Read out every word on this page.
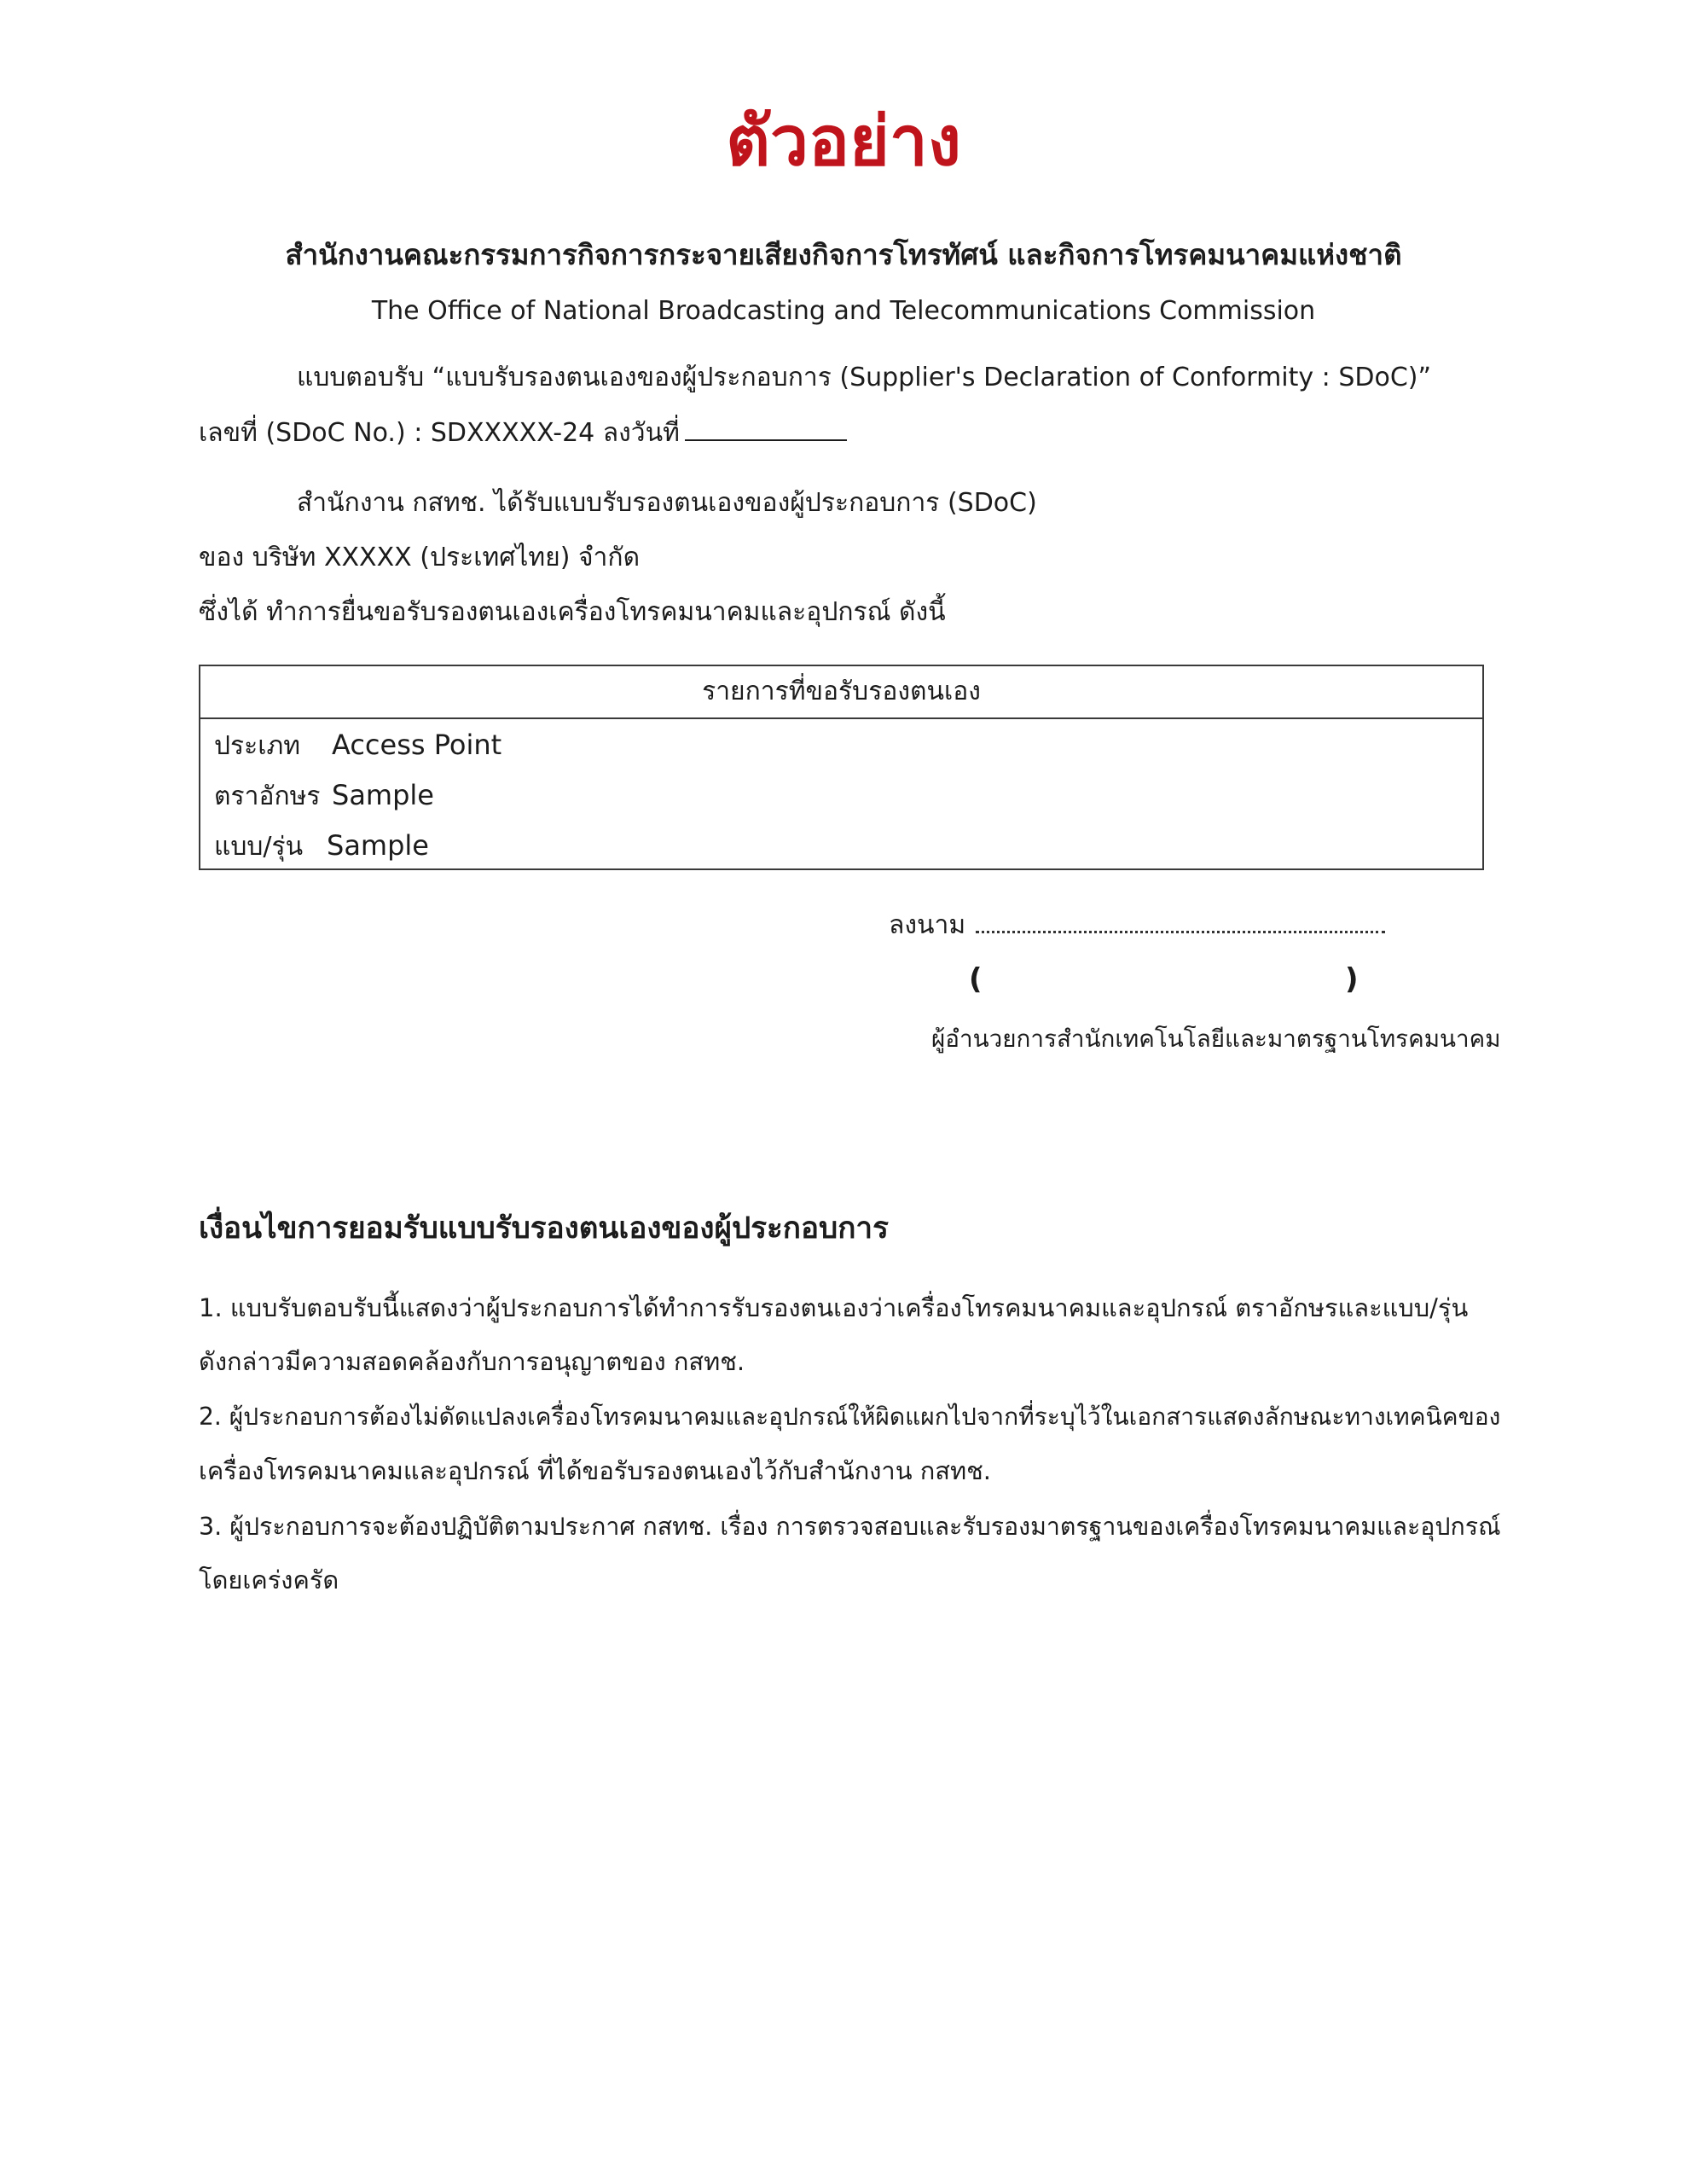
ตัวอย่าง
สำนักงานคณะกรรมการกิจการกระจายเสียงกิจการโทรทัศน์ และกิจการโทรคมนาคมแห่งชาติ
The Office of National Broadcasting and Telecommunications Commission
แบบตอบรับ “แบบรับรองตนเองของผู้ประกอบการ (Supplier's Declaration of Conformity : SDoC)”
เลขที่ (SDoC No.) : SDXXXXX-24 ลงวันที่
สำนักงาน กสทช. ได้รับแบบรับรองตนเองของผู้ประกอบการ (SDoC)
ของ บริษัท XXXXX (ประเทศไทย) จำกัด
ซึ่งได้ ทำการยื่นขอรับรองตนเองเครื่องโทรคมนาคมและอุปกรณ์ ดังนี้
รายการที่ขอรับรองตนเอง
ประเภท Access Point
ตราอักษร Sample
แบบ/รุ่น Sample
ลงนาม
(	)
ผู้อำนวยการสำนักเทคโนโลยีและมาตรฐานโทรคมนาคม
เงื่อนไขการยอมรับแบบรับรองตนเองของผู้ประกอบการ
1. แบบรับตอบรับนี้แสดงว่าผู้ประกอบการได้ทำการรับรองตนเองว่าเครื่องโทรคมนาคมและอุปกรณ์ ตราอักษรและแบบ/รุ่น
ดังกล่าวมีความสอดคล้องกับการอนุญาตของ กสทช.
2. ผู้ประกอบการต้องไม่ดัดแปลงเครื่องโทรคมนาคมและอุปกรณ์ให้ผิดแผกไปจากที่ระบุไว้ในเอกสารแสดงลักษณะทางเทคนิคของ
เครื่องโทรคมนาคมและอุปกรณ์ ที่ได้ขอรับรองตนเองไว้กับสำนักงาน กสทช.
3. ผู้ประกอบการจะต้องปฏิบัติตามประกาศ กสทช. เรื่อง การตรวจสอบและรับรองมาตรฐานของเครื่องโทรคมนาคมและอุปกรณ์
โดยเคร่งครัด
